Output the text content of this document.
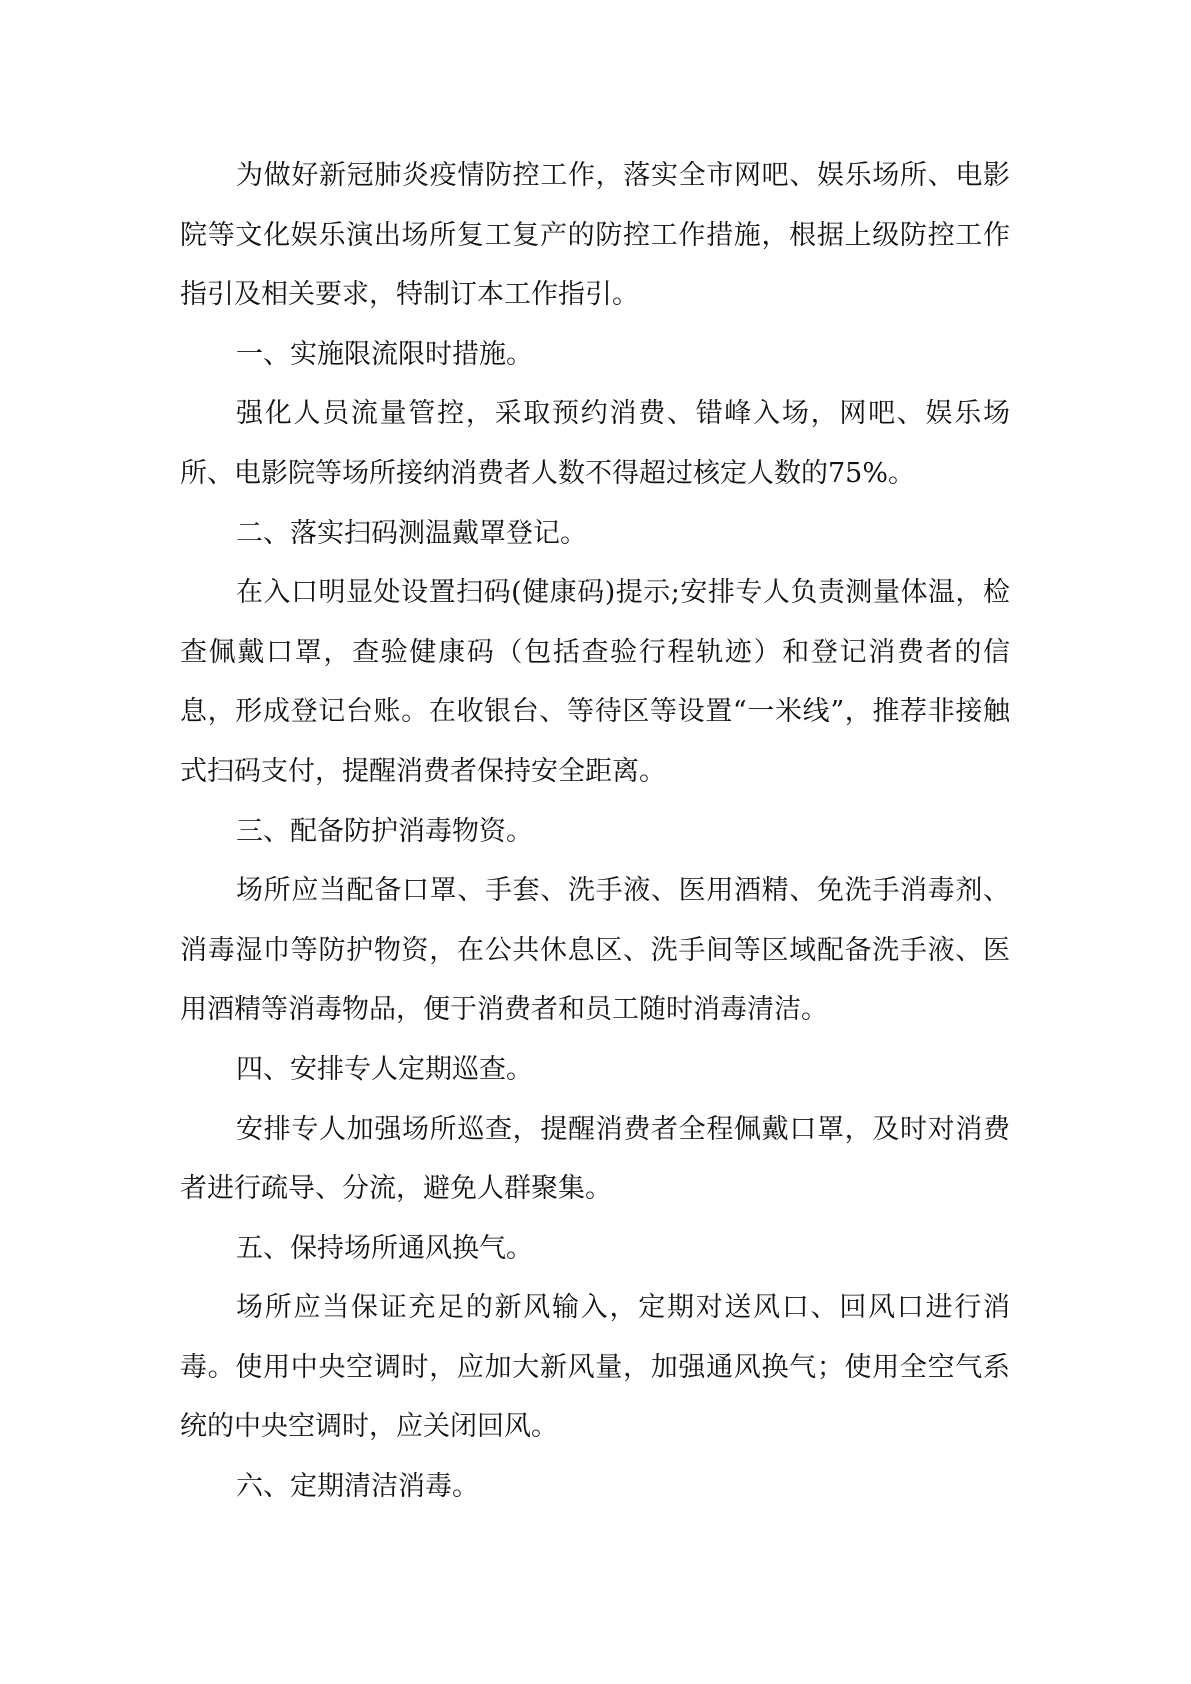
为做好新冠肺炎疫情防控工作，落实全市网吧、娱乐场所、电影院等文化娱乐演出场所复工复产的防控工作措施，根据上级防控工作指引及相关要求，特制订本工作指引。

一、实施限流限时措施。

强化人员流量管控，采取预约消费、错峰入场，网吧、娱乐场所、电影院等场所接纳消费者人数不得超过核定人数的75%。

二、落实扫码测温戴罩登记。

在入口明显处设置扫码(健康码)提示;安排专人负责测量体温，检查佩戴口罩，查验健康码（包括查验行程轨迹）和登记消费者的信息，形成登记台账。在收银台、等待区等设置“一米线”，推荐非接触式扫码支付，提醒消费者保持安全距离。

三、配备防护消毒物资。

场所应当配备口罩、手套、洗手液、医用酒精、免洗手消毒剂、消毒湿巾等防护物资，在公共休息区、洗手间等区域配备洗手液、医用酒精等消毒物品，便于消费者和员工随时消毒清洁。

四、安排专人定期巡查。

安排专人加强场所巡查，提醒消费者全程佩戴口罩，及时对消费者进行疏导、分流，避免人群聚集。

五、保持场所通风换气。

场所应当保证充足的新风输入，定期对送风口、回风口进行消毒。使用中央空调时，应加大新风量，加强通风换气；使用全空气系统的中央空调时，应关闭回风。

六、定期清洁消毒。
